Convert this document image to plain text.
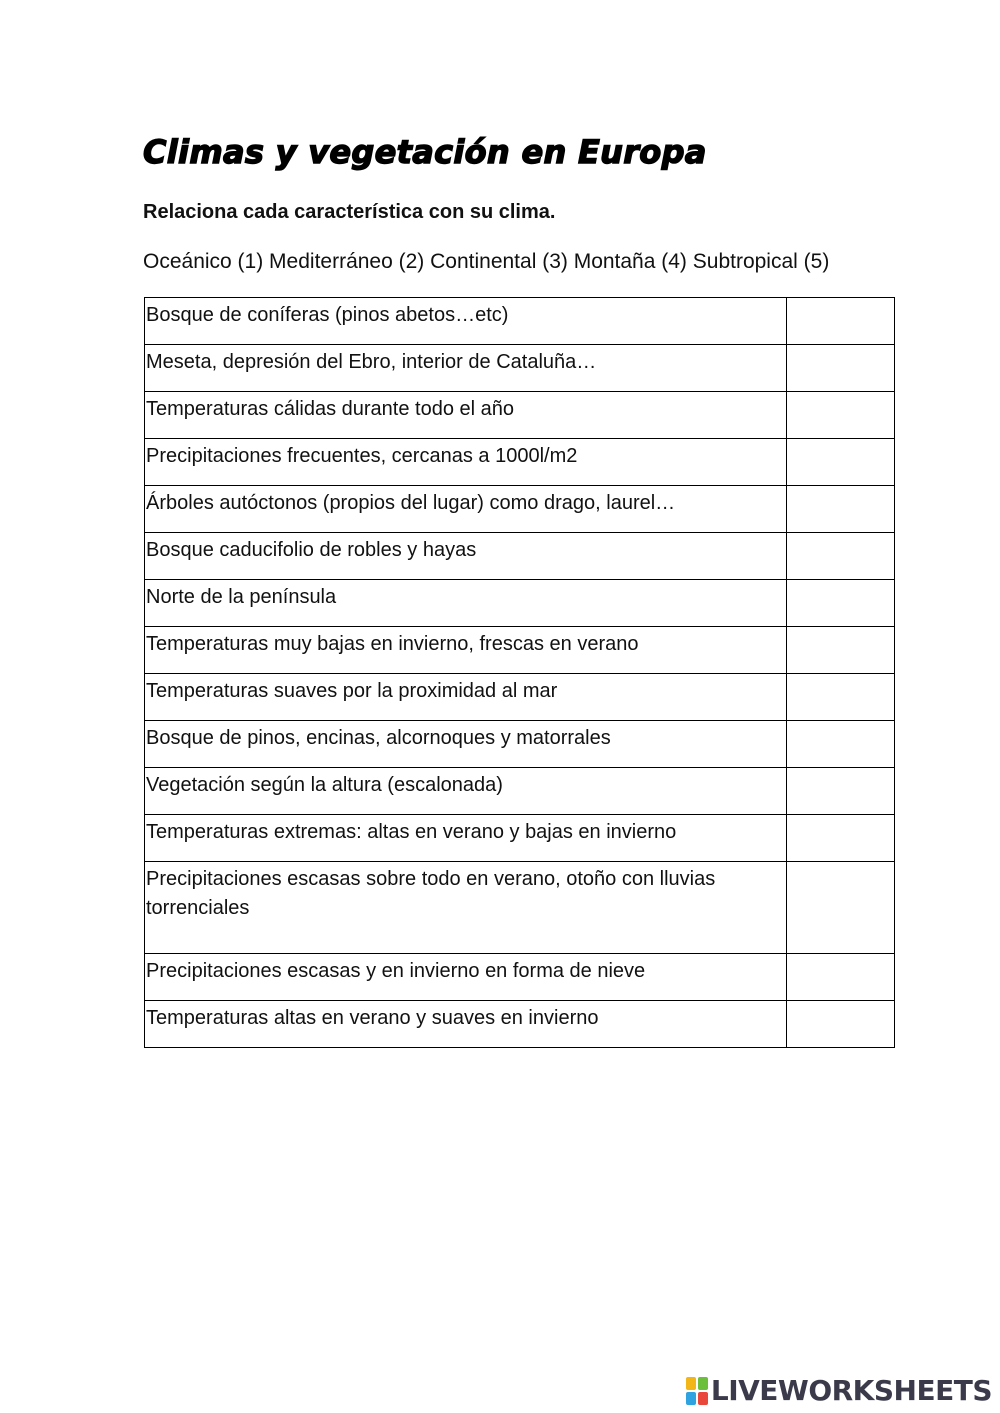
Climas y vegetación en Europa
Relaciona cada característica con su clima.
Oceánico (1) Mediterráneo (2) Continental (3) Montaña (4) Subtropical (5)
Bosque de coníferas (pinos abetos…etc)	
Meseta, depresión del Ebro, interior de Cataluña…	
Temperaturas cálidas durante todo el año	
Precipitaciones frecuentes, cercanas a 1000l/m2	
Árboles autóctonos (propios del lugar) como drago, laurel…	
Bosque caducifolio de robles y hayas	
Norte de la península	
Temperaturas muy bajas en invierno, frescas en verano	
Temperaturas suaves por la proximidad al mar	
Bosque de pinos, encinas, alcornoques y matorrales	
Vegetación según la altura (escalonada)	
Temperaturas extremas: altas en verano y bajas en invierno	
Precipitaciones escasas sobre todo en verano, otoño con lluvias torrenciales	
Precipitaciones escasas y en invierno en forma de nieve	
Temperaturas altas en verano y suaves en invierno	
LIVEWORKSHEETS
